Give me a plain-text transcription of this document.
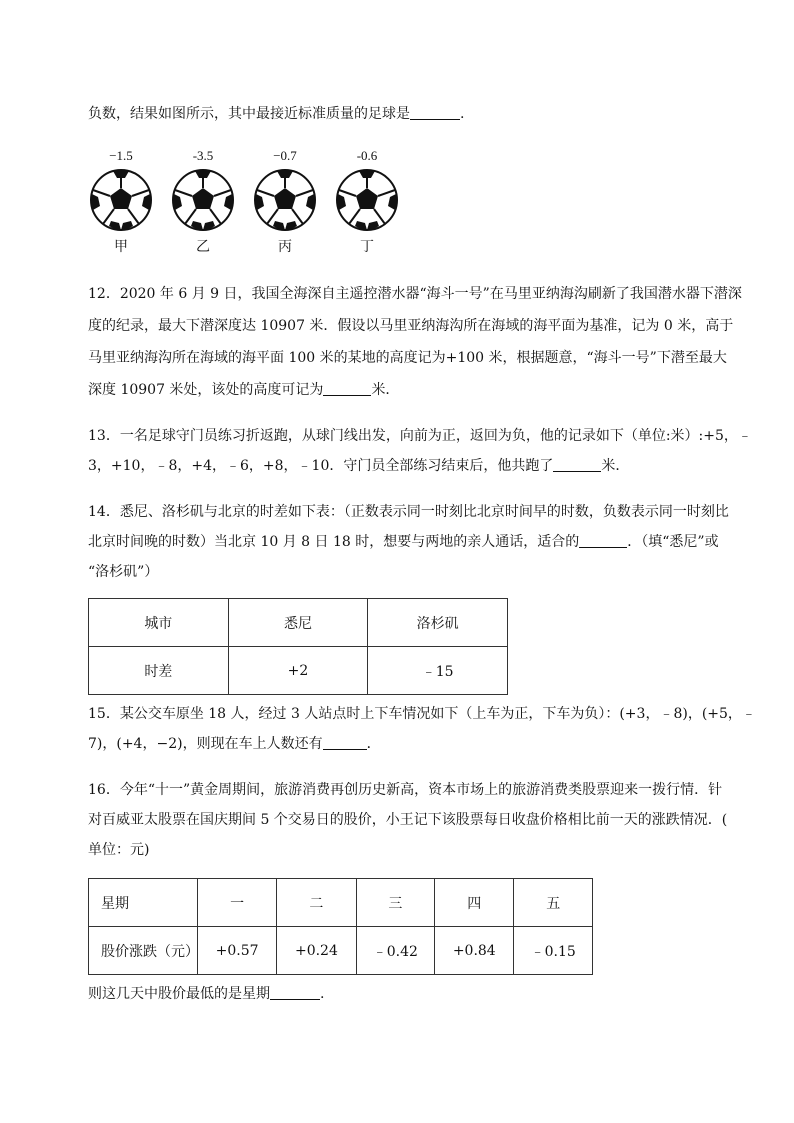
负数，结果如图所示，其中最接近标准质量的足球是	.
−1.5
甲
-3.5
乙
−0.7
丙
-0.6
丁
12．2020 年 6 月 9 日，我国全海深自主遥控潜水器“海斗一号”在马里亚纳海沟刷新了我国潜水器下潜深
度的纪录，最大下潜深度达 10907 米．假设以马里亚纳海沟所在海域的海平面为基准，记为 0 米，高于
马里亚纳海沟所在海域的海平面 100 米的某地的高度记为+100 米，根据题意，“海斗一号”下潜至最大
深度 10907 米处，该处的高度可记为	米．
13．一名足球守门员练习折返跑，从球门线出发，向前为正，返回为负，他的记录如下（单位:米）:+5，﹣
3，+10，﹣8，+4，﹣6，+8，﹣10．守门员全部练习结束后，他共跑了	米．
14．悉尼、洛杉矶与北京的时差如下表：（正数表示同一时刻比北京时间早的时数，负数表示同一时刻比
北京时间晚的时数）当北京 10 月 8 日 18 时，想要与两地的亲人通话，适合的	．（填“悉尼”或
“洛杉矶”）
城市	悉尼	洛杉矶
时差	+2	﹣15
15．某公交车原坐 18 人，经过 3 人站点时上下车情况如下（上车为正，下车为负）：(+3，﹣8)，(+5，﹣
7)，(+4，−2)，则现在车上人数还有	．
16．今年“十一”黄金周期间，旅游消费再创历史新高，资本市场上的旅游消费类股票迎来一拨行情．针
对百威亚太股票在国庆期间 5 个交易日的股价，小王记下该股票每日收盘价格相比前一天的涨跌情况．(
单位：元)
星期	一	二	三	四	五
股价涨跌（元）	+0.57	+0.24	﹣0.42	+0.84	﹣0.15
则这几天中股价最低的是星期	.
